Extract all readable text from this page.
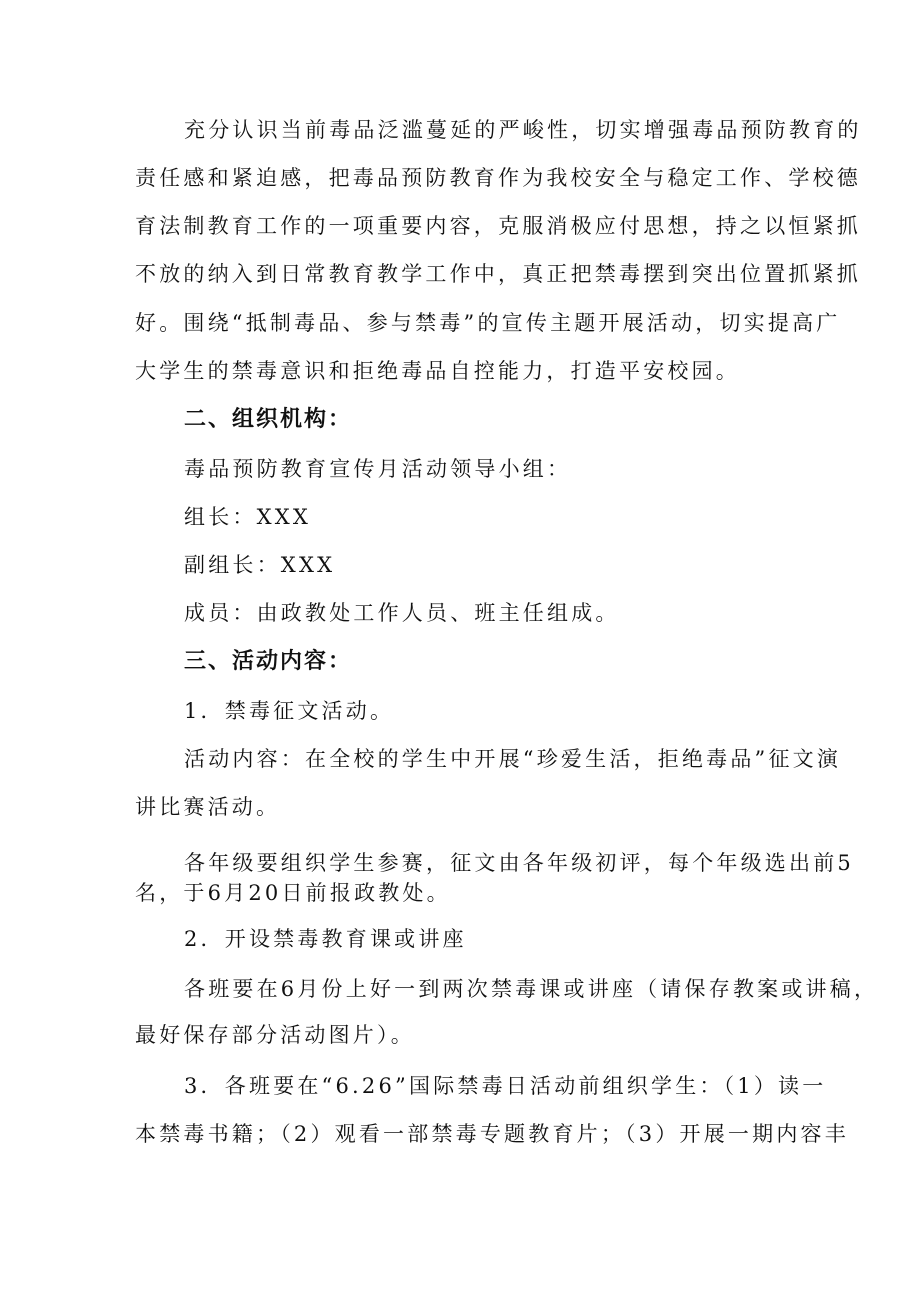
充分认识当前毒品泛滥蔓延的严峻性，切实增强毒品预防教育的
责任感和紧迫感，把毒品预防教育作为我校安全与稳定工作、学校德
育法制教育工作的一项重要内容，克服消极应付思想，持之以恒紧抓
不放的纳入到日常教育教学工作中，真正把禁毒摆到突出位置抓紧抓
好。围绕“抵制毒品、参与禁毒”的宣传主题开展活动，切实提高广
大学生的禁毒意识和拒绝毒品自控能力，打造平安校园。
二、组织机构：
毒品预防教育宣传月活动领导小组：
组长：XXX
副组长：XXX
成员：由政教处工作人员、班主任组成。
三、活动内容：
1．禁毒征文活动。
活动内容：在全校的学生中开展“珍爱生活，拒绝毒品”征文演
讲比赛活动。
各年级要组织学生参赛，征文由各年级初评，每个年级选出前5
名，于6月20日前报政教处。
2．开设禁毒教育课或讲座
各班要在6月份上好一到两次禁毒课或讲座（请保存教案或讲稿，
最好保存部分活动图片）。
3．各班要在“6.26”国际禁毒日活动前组织学生：（1）读一
本禁毒书籍；（2）观看一部禁毒专题教育片；（3）开展一期内容丰
